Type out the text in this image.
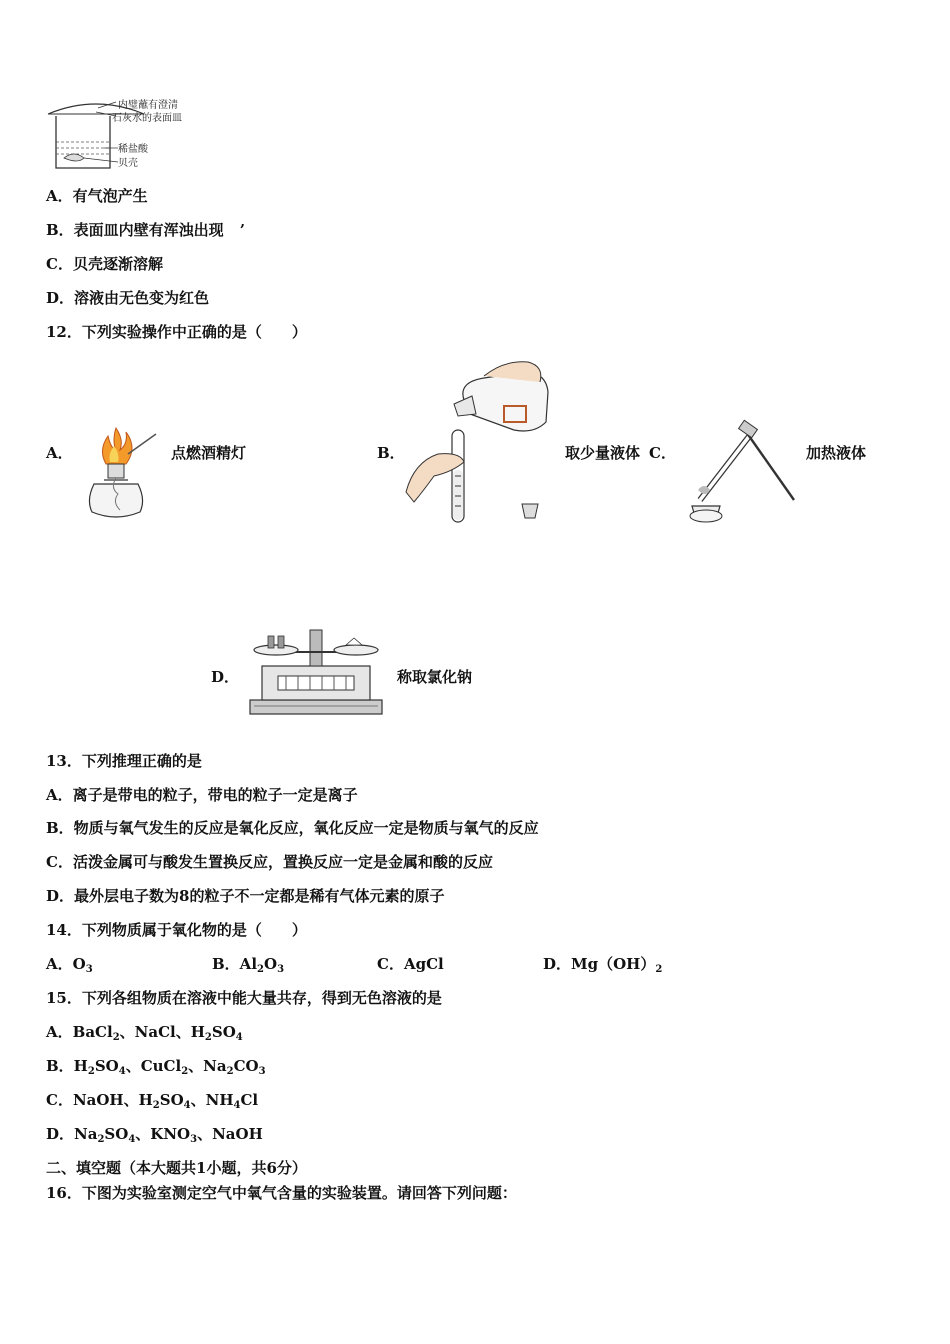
内璧蘸有澄清
石灰水的表面皿
稀盐酸
贝壳
A．有气泡产生
B．表面皿内壁有浑浊出现 ’
C．贝壳逐渐溶解
D．溶液由无色变为红色
12．下列实验操作中正确的是（　　）
A．	点燃酒精灯	B．	取少量液体 C．	加热液体
D．	称取氯化钠
13．下列推理正确的是
A．离子是带电的粒子，带电的粒子一定是离子
B．物质与氧气发生的反应是氧化反应，氧化反应一定是物质与氧气的反应
C．活泼金属可与酸发生置换反应，置换反应一定是金属和酸的反应
D．最外层电子数为8的粒子不一定都是稀有气体元素的原子
14．下列物质属于氧化物的是（　　）
A．$O_3$	B．$Al_2O_3$	C．AgCl	D．$Mg(OH)_2$
15．下列各组物质在溶液中能大量共存，得到无色溶液的是
A．BaCl$_2$、NaCl、$H_2SO_4$
B．$H_2SO_4$、CuCl$_2$、$Na_2CO_3$
C．NaOH、$H_2SO_4$、$NH_4Cl$
D．$Na_2SO_4$、$KNO_3$、NaOH
二、填空题（本大题共1小题，共6分）
16．下图为实验室测定空气中氧气含量的实验装置。请回答下列问题：
